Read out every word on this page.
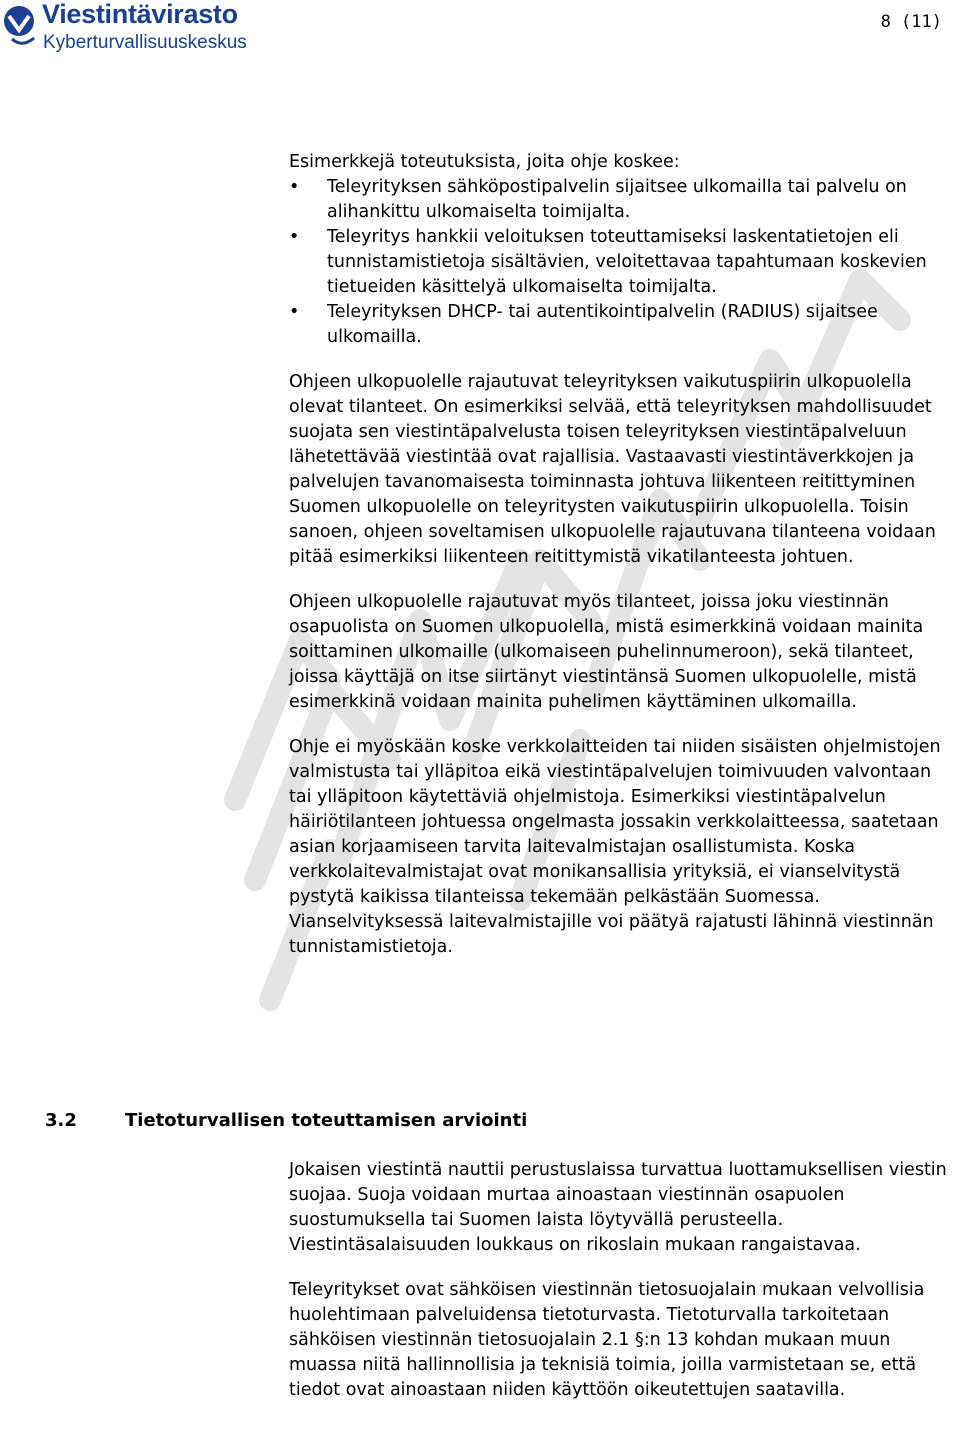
Viestintävirasto
Kyberturvallisuuskeskus
8 (11)

Esimerkkejä toteutuksista, joita ohje koskee:

• Teleyrityksen sähköpostipalvelin sijaitsee ulkomailla tai palvelu on alihankittu ulkomaiselta toimijalta.
• Teleyritys hankkii veloituksen toteuttamiseksi laskentatietojen eli tunnistamistietoja sisältävien, veloitettavaa tapahtumaan koskevien tietueiden käsittelyä ulkomaiselta toimijalta.
• Teleyrityksen DHCP- tai autentikointipalvelin (RADIUS) sijaitsee ulkomailla.

Ohjeen ulkopuolelle rajautuvat teleyrityksen vaikutuspiirin ulkopuolella olevat tilanteet. On esimerkiksi selvää, että teleyrityksen mahdollisuudet suojata sen viestintäpalvelusta toisen teleyrityksen viestintäpalveluun lähetettävää viestintää ovat rajallisia. Vastaavasti viestintäverkkojen ja palvelujen tavanomaisesta toiminnasta johtuva liikenteen reitittyminen Suomen ulkopuolelle on teleyritysten vaikutuspiirin ulkopuolella. Toisin sanoen, ohjeen soveltamisen ulkopuolelle rajautuvana tilanteena voidaan pitää esimerkiksi liikenteen reitittymistä vikatilanteesta johtuen.

Ohjeen ulkopuolelle rajautuvat myös tilanteet, joissa joku viestinnän osapuolista on Suomen ulkopuolella, mistä esimerkkinä voidaan mainita soittaminen ulkomaille (ulkomaiseen puhelinnumeroon), sekä tilanteet, joissa käyttäjä on itse siirtänyt viestintänsä Suomen ulkopuolelle, mistä esimerkkinä voidaan mainita puhelimen käyttäminen ulkomailla.

Ohje ei myöskään koske verkkolaitteiden tai niiden sisäisten ohjelmistojen valmistusta tai ylläpitoa eikä viestintäpalvelujen toimivuuden valvontaan tai ylläpitoon käytettäviä ohjelmistoja. Esimerkiksi viestintäpalvelun häiriötilanteen johtuessa ongelmasta jossakin verkkolaitteessa, saatetaan asian korjaamiseen tarvita laitevalmistajan osallistumista. Koska verkkolaitevalmistajat ovat monikansallisia yrityksiä, ei vianselvitystä pystytä kaikissa tilanteissa tekemään pelkästään Suomessa. Vianselvityksessä laitevalmistajille voi päätyä rajatusti lähinnä viestinnän tunnistamistietoja.

3.2	Tietoturvallisen toteuttamisen arviointi

Jokaisen viestintä nauttii perustuslaissa turvattua luottamuksellisen viestin suojaa. Suoja voidaan murtaa ainoastaan viestinnän osapuolen suostumuksella tai Suomen laista löytyvällä perusteella. Viestintäsalaisuuden loukkaus on rikoslain mukaan rangaistavaa.

Teleyritykset ovat sähköisen viestinnän tietosuojalain mukaan velvollisia huolehtimaan palveluidensa tietoturvasta. Tietoturvalla tarkoitetaan sähköisen viestinnän tietosuojalain 2.1 §:n 13 kohdan mukaan muun muassa niitä hallinnollisia ja teknisiä toimia, joilla varmistetaan se, että tiedot ovat ainoastaan niiden käyttöön oikeutettujen saatavilla.
